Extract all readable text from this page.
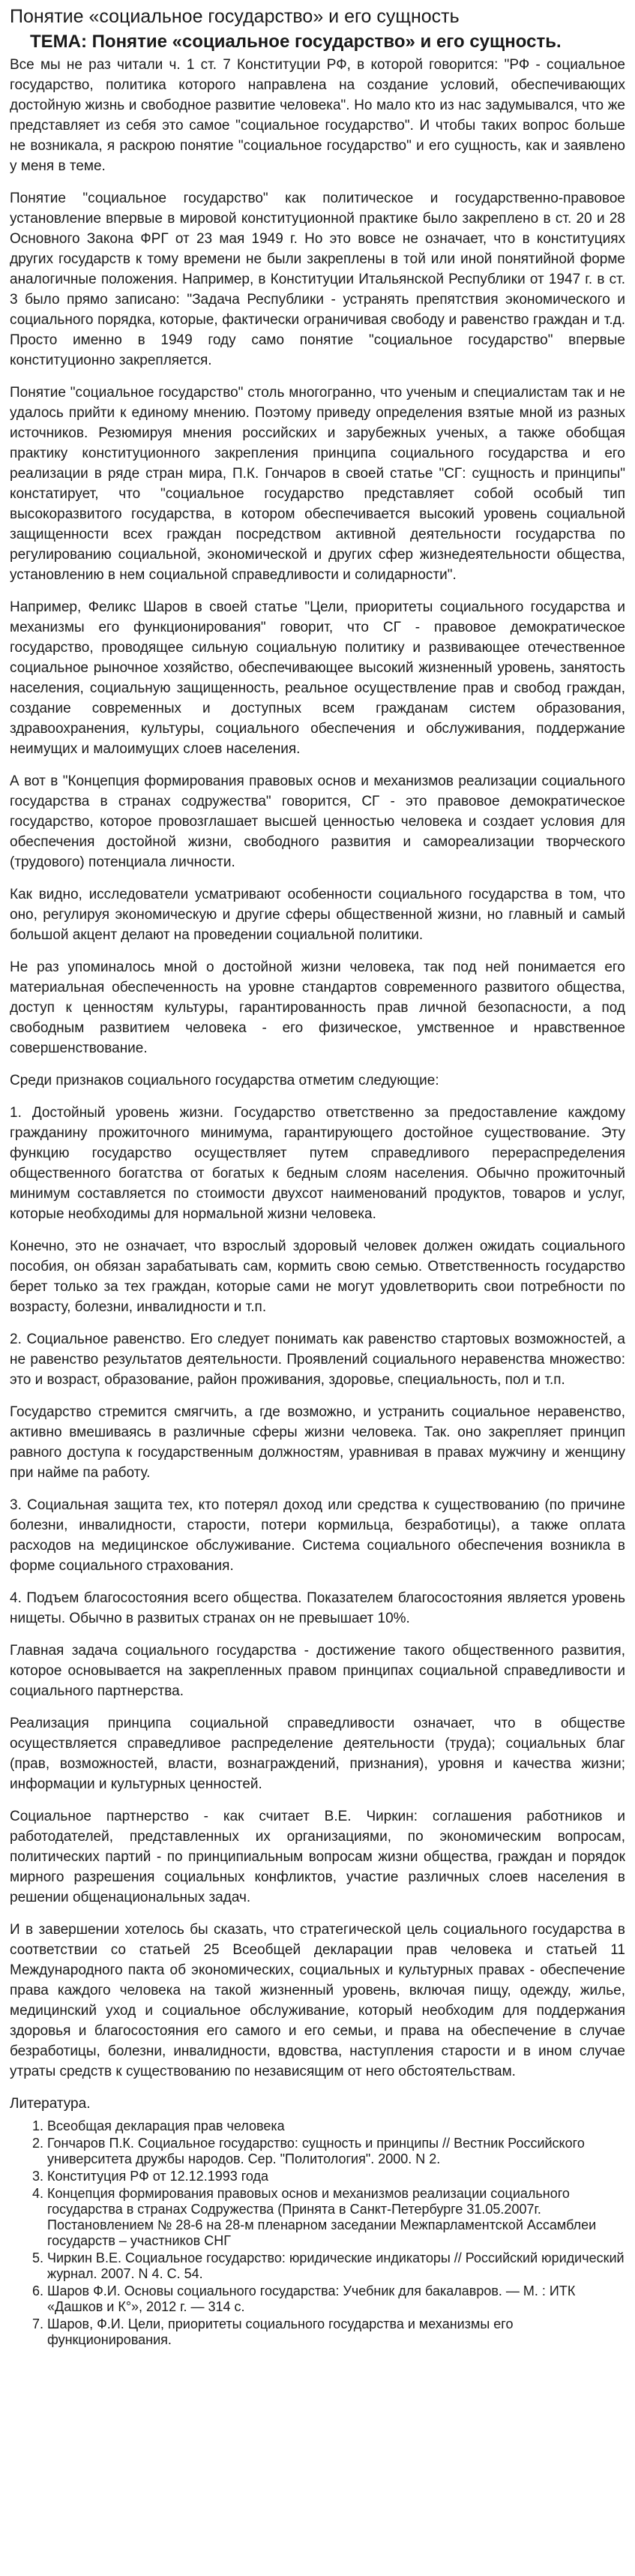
Понятие «социальное государство» и его сущность
ТЕМА: Понятие «социальное государство» и его сущность.

Все мы не раз читали ч. 1 ст. 7 Конституции РФ, в которой говорится: "РФ - социальное государство, политика которого направлена на создание условий, обеспечивающих достойную жизнь и свободное развитие человека". Но мало кто из нас задумывался, что же представляет из себя это самое "социальное государство". И чтобы таких вопрос больше не возникала, я раскрою понятие "социальное государство" и его сущность, как и заявлено у меня в теме.

Понятие "социальное государство" как политическое и государственно-правовое установление впервые в мировой конституционной практике было закреплено в ст. 20 и 28 Основного Закона ФРГ от 23 мая 1949 г. Но это вовсе не означает, что в конституциях других государств к тому времени не были закреплены в той или иной понятийной форме аналогичные положения. Например, в Конституции Итальянской Республики от 1947 г. в ст. 3 было прямо записано: "Задача Республики - устранять препятствия экономического и социального порядка, которые, фактически ограничивая свободу и равенство граждан и т.д. Просто именно в 1949 году само понятие "социальное государство" впервые конституционно закрепляется.

Понятие "социальное государство" столь многогранно, что ученым и специалистам так и не удалось прийти к единому мнению. Поэтому приведу определения взятые мной из разных источников. Резюмируя мнения российских и зарубежных ученых, а также обобщая практику конституционного закрепления принципа социального государства и его реализации в ряде стран мира, П.К. Гончаров в своей статье "СГ: сущность и принципы" констатирует, что "социальное государство представляет собой особый тип высокоразвитого государства, в котором обеспечивается высокий уровень социальной защищенности всех граждан посредством активной деятельности государства по регулированию социальной, экономической и других сфер жизнедеятельности общества, установлению в нем социальной справедливости и солидарности".

Например, Феликс Шаров в своей статье "Цели, приоритеты социального государства и механизмы его функционирования" говорит, что СГ - правовое демократическое государство, проводящее сильную социальную политику и развивающее отечественное социальное рыночное хозяйство, обеспечивающее высокий жизненный уровень, занятость населения, социальную защищенность, реальное осуществление прав и свобод граждан, создание современных и доступных всем гражданам систем образования, здравоохранения, культуры, социального обеспечения и обслуживания, поддержание неимущих и малоимущих слоев населения.

А вот в "Концепция формирования правовых основ и механизмов реализации социального государства в странах содружества" говорится, СГ - это правовое демократическое государство, которое провозглашает высшей ценностью человека и создает условия для обеспечения достойной жизни, свободного развития и самореализации творческого (трудового) потенциала личности.

Как видно, исследователи усматривают особенности социального государства в том, что оно, регулируя экономическую и другие сферы общественной жизни, но главный и самый большой акцент делают на проведении социальной политики.

Не раз упоминалось мной о достойной жизни человека, так под ней понимается его материальная обеспеченность на уровне стандартов современного развитого общества, доступ к ценностям культуры, гарантированность прав личной безопасности, а под свободным развитием человека - его физическое, умственное и нравственное совершенствование.

Среди признаков социального государства отметим следующие:

1. Достойный уровень жизни. Государство ответственно за предоставление каждому гражданину прожиточного минимума, гарантирующего достойное существование. Эту функцию государство осуществляет путем справедливого перераспределения общественного богатства от богатых к бедным слоям населения. Обычно прожиточный минимум составляется по стоимости двухсот наименований продуктов, товаров и услуг, которые необходимы для нормальной жизни человека.

Конечно, это не означает, что взрослый здоровый человек должен ожидать социального пособия, он обязан зарабатывать сам, кормить свою семью. Ответственность государство берет только за тех граждан, которые сами не могут удовлетворить свои потребности по возрасту, болезни, инвалидности и т.п.

2. Социальное равенство. Его следует понимать как равенство стартовых возможностей, а не равенство результатов деятельности. Проявлений социального неравенства множество: это и возраст, образование, район проживания, здоровье, специальность, пол и т.п.

Государство стремится смягчить, а где возможно, и устранить социальное неравенство, активно вмешиваясь в различные сферы жизни человека. Так. оно закрепляет принцип равного доступа к государственным должностям, уравнивая в правах мужчину и женщину при найме па работу.

3. Социальная защита тех, кто потерял доход или средства к существованию (по причине болезни, инвалидности, старости, потери кормильца, безработицы), а также оплата расходов на медицинское обслуживание. Система социального обеспечения возникла в форме социального страхования.

4. Подъем благосостояния всего общества. Показателем благосостояния является уровень нищеты. Обычно в развитых странах он не превышает 10%.

Главная задача социального государства - достижение такого общественного развития, которое основывается на закрепленных правом принципах социальной справедливости и социального партнерства.

Реализация принципа социальной справедливости означает, что в обществе осуществляется справедливое распределение деятельности (труда); социальных благ (прав, возможностей, власти, вознаграждений, признания), уровня и качества жизни; информации и культурных ценностей.

Социальное партнерство - как считает В.Е. Чиркин: соглашения работников и работодателей, представленных их организациями, по экономическим вопросам, политических партий - по принципиальным вопросам жизни общества, граждан и порядок мирного разрешения социальных конфликтов, участие различных слоев населения в решении общенациональных задач.

И в завершении хотелось бы сказать, что стратегической цель социального государства в соответствии со статьей 25 Всеобщей декларации прав человека и статьей 11 Международного пакта об экономических, социальных и культурных правах - обеспечение права каждого человека на такой жизненный уровень, включая пищу, одежду, жилье, медицинский уход и социальное обслуживание, который необходим для поддержания здоровья и благосостояния его самого и его семьи, и права на обеспечение в случае безработицы, болезни, инвалидности, вдовства, наступления старости и в ином случае утраты средств к существованию по независящим от него обстоятельствам.

Литература.

1. Всеобщая декларация прав человека
2. Гончаров П.К. Социальное государство: сущность и принципы // Вестник Российского университета дружбы народов. Сер. "Политология". 2000. N 2.
3. Конституция РФ от 12.12.1993 года
4. Концепция формирования правовых основ и механизмов реализации социального государства в странах Содружества (Принята в Санкт-Петербурге 31.05.2007г. Постановлением № 28-6 на 28-м пленарном заседании Межпарламентской Ассамблеи государств – участников СНГ
5. Чиркин В.Е. Социальное государство: юридические индикаторы // Российский юридический журнал. 2007. N 4. С. 54.
6. Шаров Ф.И. Основы социального государства: Учебник для бакалавров. — М. : ИТК «Дашков и К°», 2012 г. — 314 с.
7. Шаров, Ф.И. Цели, приоритеты социального государства и механизмы его функционирования.
